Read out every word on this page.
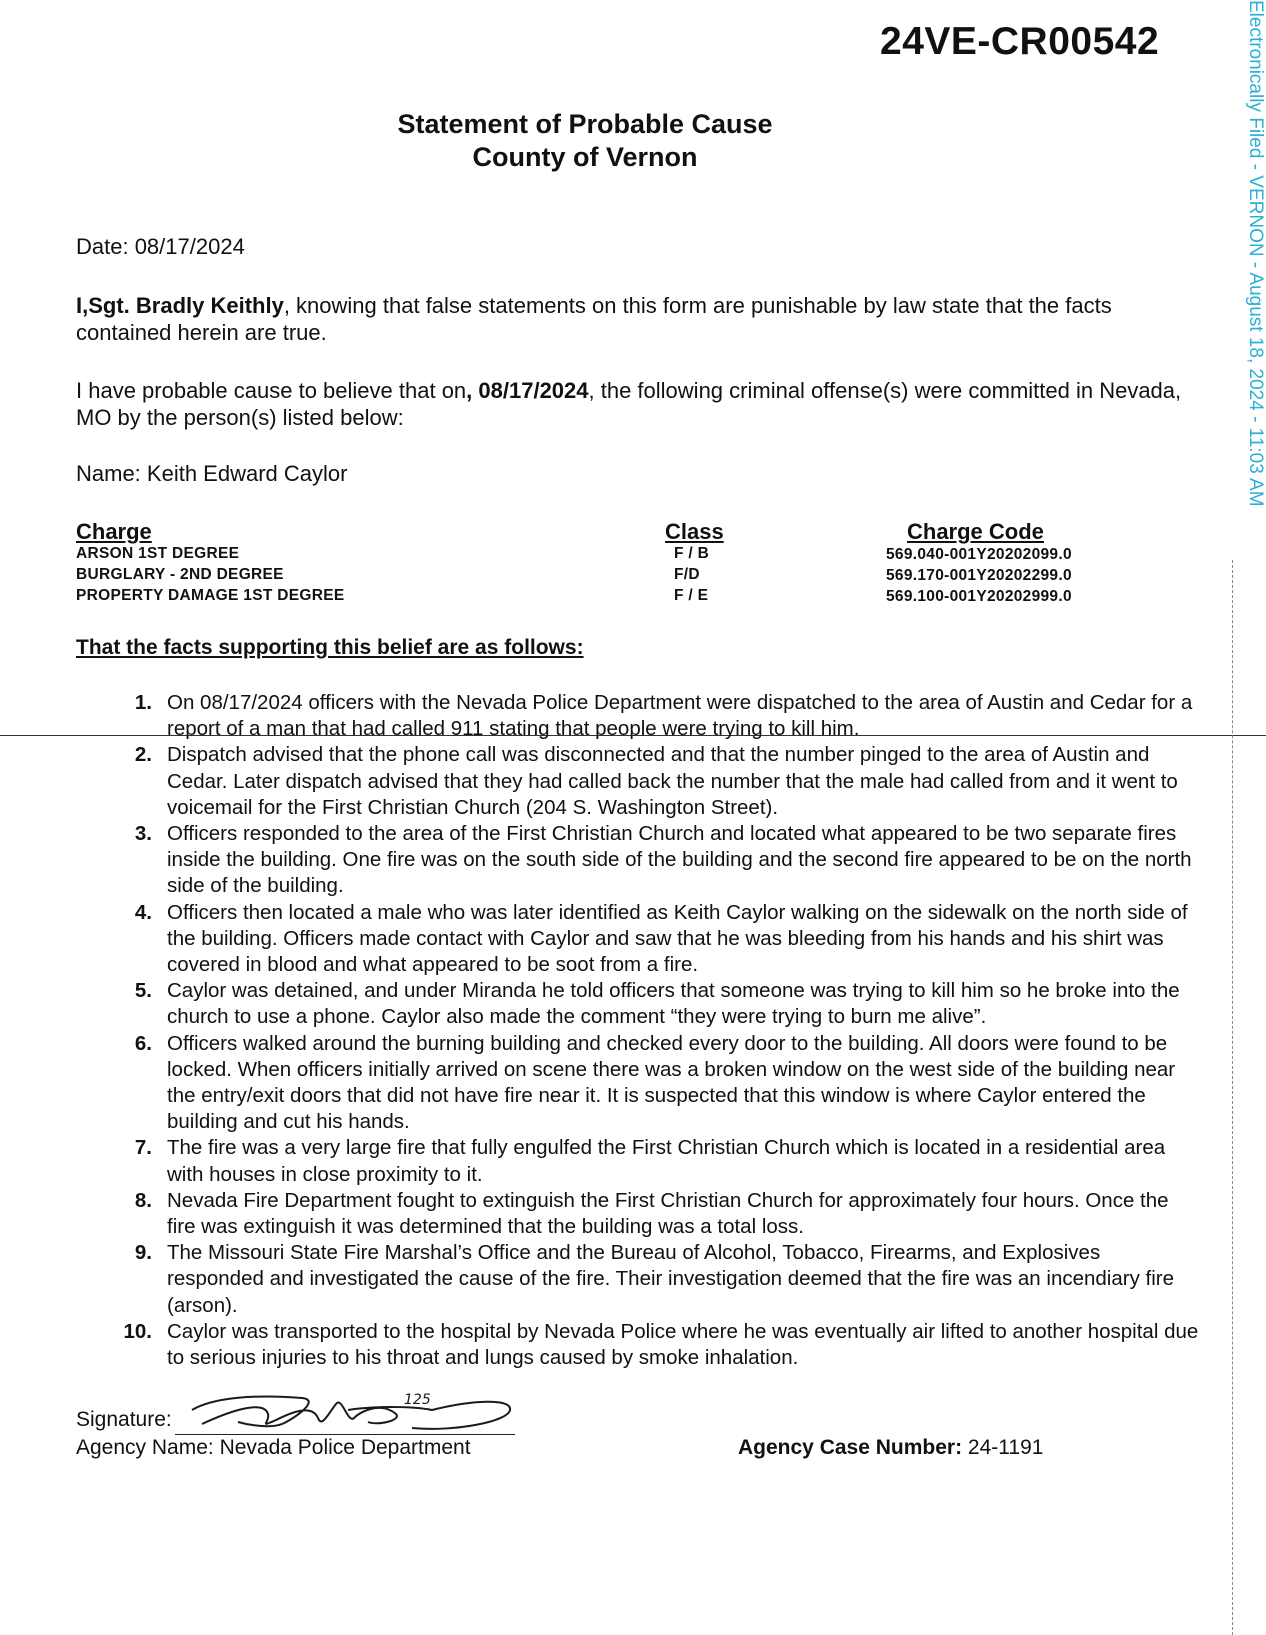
24VE-CR00542	Electronically Filed - VERNON - August 18, 2024 - 11:03 AM
Statement of Probable Cause
County of Vernon
Date: 08/17/2024
I,Sgt. Bradly Keithly, knowing that false statements on this form are punishable by law state that the facts contained herein are true.
I have probable cause to believe that on, 08/17/2024, the following criminal offense(s) were committed in Nevada, MO by the person(s) listed below:
Name: Keith Edward Caylor
Charge	Class	Charge Code
ARSON 1ST DEGREE	F / B	569.040-001Y20202099.0
BURGLARY - 2ND DEGREE	F/D	569.170-001Y20202299.0
PROPERTY DAMAGE 1ST DEGREE	F / E	569.100-001Y20202999.0
That the facts supporting this belief are as follows:
1. On 08/17/2024 officers with the Nevada Police Department were dispatched to the area of Austin and Cedar for a report of a man that had called 911 stating that people were trying to kill him.
2. Dispatch advised that the phone call was disconnected and that the number pinged to the area of Austin and Cedar. Later dispatch advised that they had called back the number that the male had called from and it went to voicemail for the First Christian Church (204 S. Washington Street).
3. Officers responded to the area of the First Christian Church and located what appeared to be two separate fires inside the building. One fire was on the south side of the building and the second fire appeared to be on the north side of the building.
4. Officers then located a male who was later identified as Keith Caylor walking on the sidewalk on the north side of the building. Officers made contact with Caylor and saw that he was bleeding from his hands and his shirt was covered in blood and what appeared to be soot from a fire.
5. Caylor was detained, and under Miranda he told officers that someone was trying to kill him so he broke into the church to use a phone. Caylor also made the comment “they were trying to burn me alive”.
6. Officers walked around the burning building and checked every door to the building. All doors were found to be locked. When officers initially arrived on scene there was a broken window on the west side of the building near the entry/exit doors that did not have fire near it. It is suspected that this window is where Caylor entered the building and cut his hands.
7. The fire was a very large fire that fully engulfed the First Christian Church which is located in a residential area with houses in close proximity to it.
8. Nevada Fire Department fought to extinguish the First Christian Church for approximately four hours. Once the fire was extinguish it was determined that the building was a total loss.
9. The Missouri State Fire Marshal’s Office and the Bureau of Alcohol, Tobacco, Firearms, and Explosives responded and investigated the cause of the fire. Their investigation deemed that the fire was an incendiary fire (arson).
10. Caylor was transported to the hospital by Nevada Police where he was eventually air lifted to another hospital due to serious injuries to his throat and lungs caused by smoke inhalation.
Signature:
125
Agency Name: Nevada Police Department	Agency Case Number: 24-1191
